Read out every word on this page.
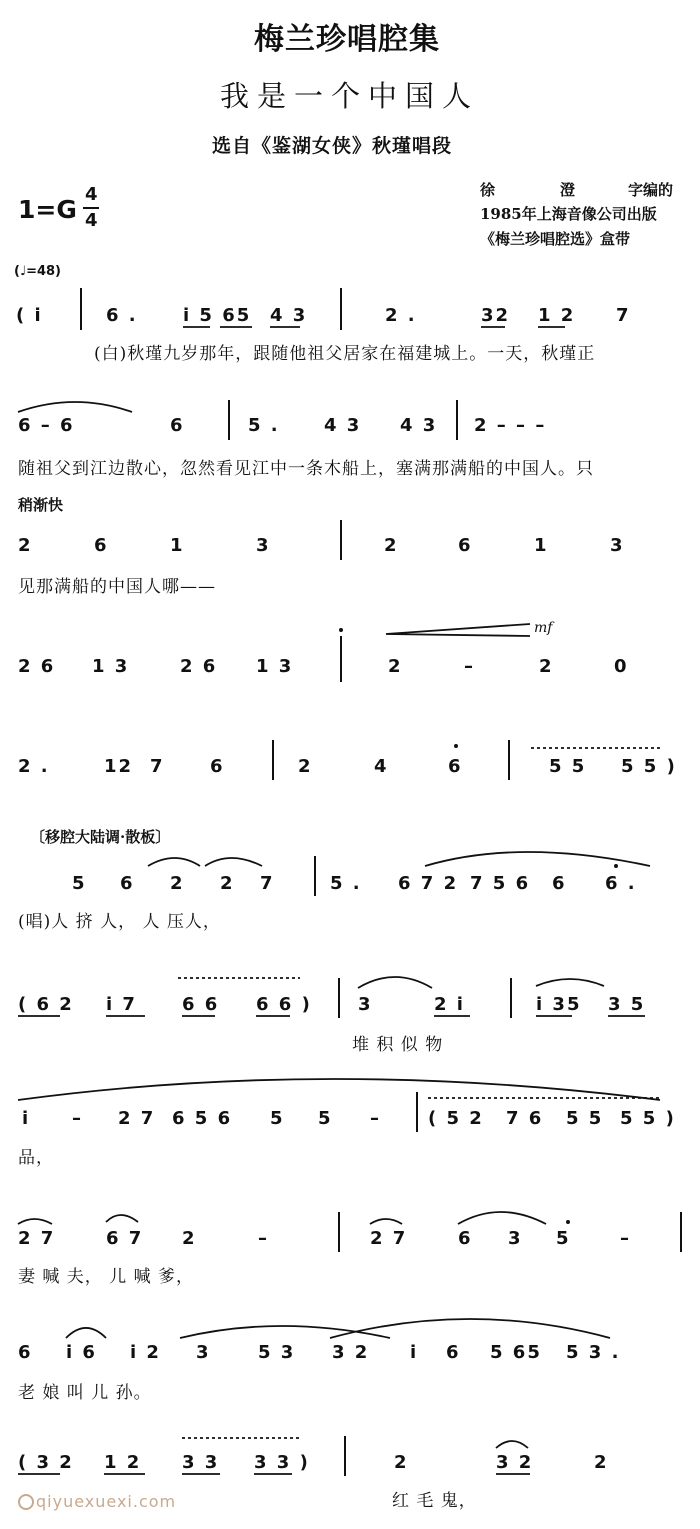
梅兰珍唱腔集
我是一个中国人
选自《鉴湖女侠》秋瑾唱段
1=G
4
4
徐	澄	字编的
1985年上海音像公司出版
《梅兰珍唱腔选》盒带
(♩=48)
( i	6 .	i 5 65 4 3	2 .	32 1 2 7
(白)秋瑾九岁那年，跟随他祖父居家在福建城上。一天，秋瑾正
6 – 6	6	5 . 4 3 4 3 2 – – –
随祖父到江边散心，忽然看见江中一条木船上，塞满那满船的中国人。只
稍渐快
2	6	1	3	2	6	1	3
见那满船的中国人哪——
2 6 1 3	2 6 1 3	2	–	2	0
mf
2 .	12 7	6	2	4	6	5 5 5 5 )
〔移腔大陆调·散板〕
5 6 2 2 7	5 . 6 7 2 7 5 6 6 6 .
(唱)人 挤 人， 人 压人，
( 6 2 i 7	6 6 6 6 )	3	2 i	i 35 3 5
堆 积 似 物
i – 2 7 6 5 6 5 5 –	( 5 2 7 6 5 5 5 5 )
品，
2 7	6 7 2	–	2 7	6 3 5	–
妻 喊 夫， 儿 喊 爹，
6 i 6 i 2 3	5 3 3 2 i 6 5 65 5 3 .
老 娘 叫 儿 孙。
( 3 2 1 2 3 3 3 3 )	2	3 2	2
红 毛 鬼，
qiyuexuexi.com
